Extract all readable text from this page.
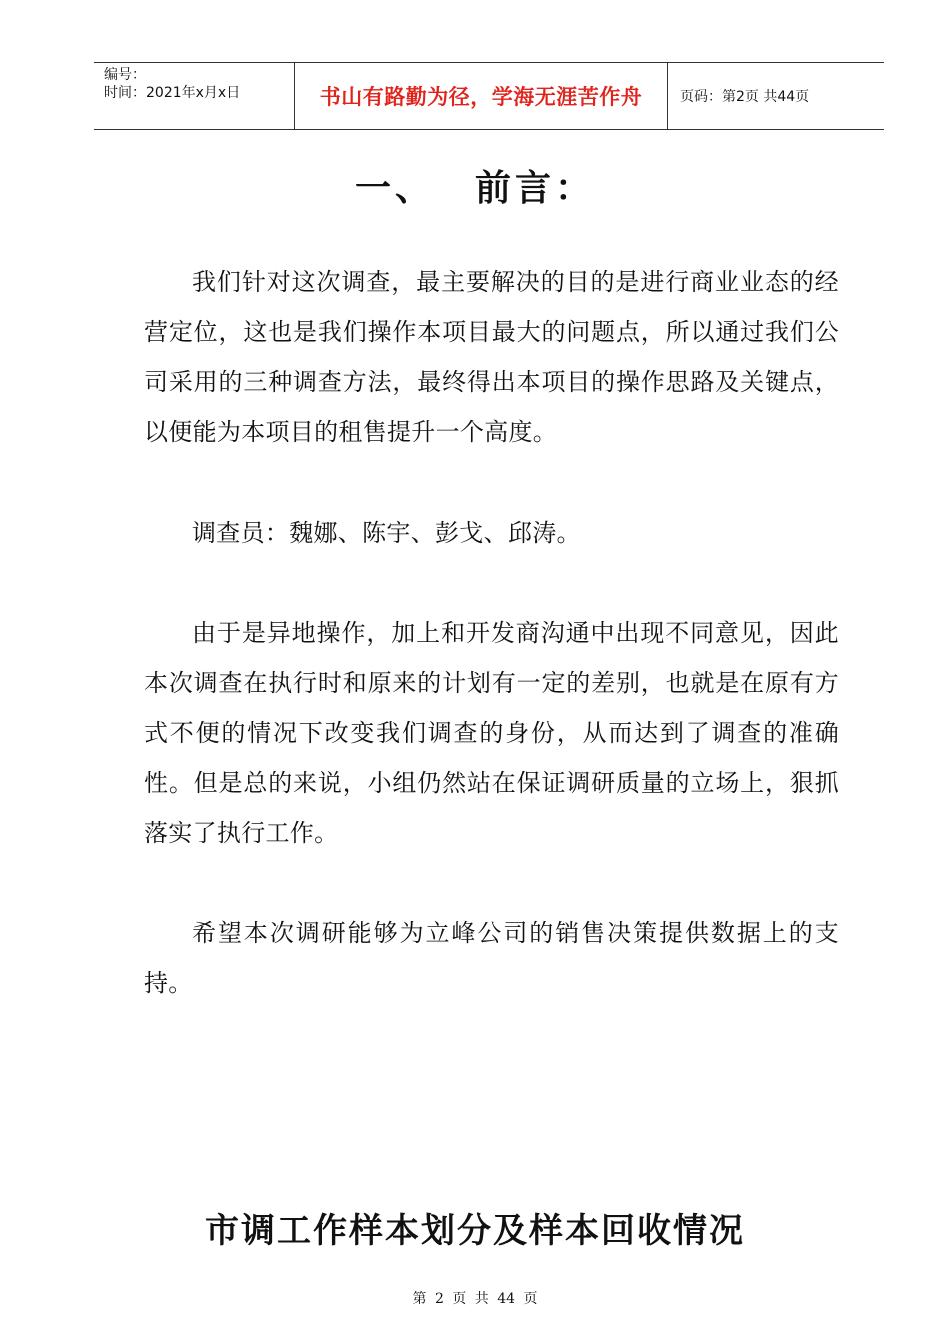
编号：
时间：2021年x月x日	书山有路勤为径，学海无涯苦作舟	页码：第2页 共44页
一、 前言：

我们针对这次调查，最主要解决的目的是进行商业业态的经营定位，这也是我们操作本项目最大的问题点，所以通过我们公司采用的三种调查方法，最终得出本项目的操作思路及关键点，以便能为本项目的租售提升一个高度。

调查员：魏娜、陈宇、彭戈、邱涛。

由于是异地操作，加上和开发商沟通中出现不同意见，因此本次调查在执行时和原来的计划有一定的差别，也就是在原有方式不便的情况下改变我们调查的身份，从而达到了调查的准确性。但是总的来说，小组仍然站在保证调研质量的立场上，狠抓落实了执行工作。

希望本次调研能够为立峰公司的销售决策提供数据上的支持。

市调工作样本划分及样本回收情况
第 2 页 共 44 页
